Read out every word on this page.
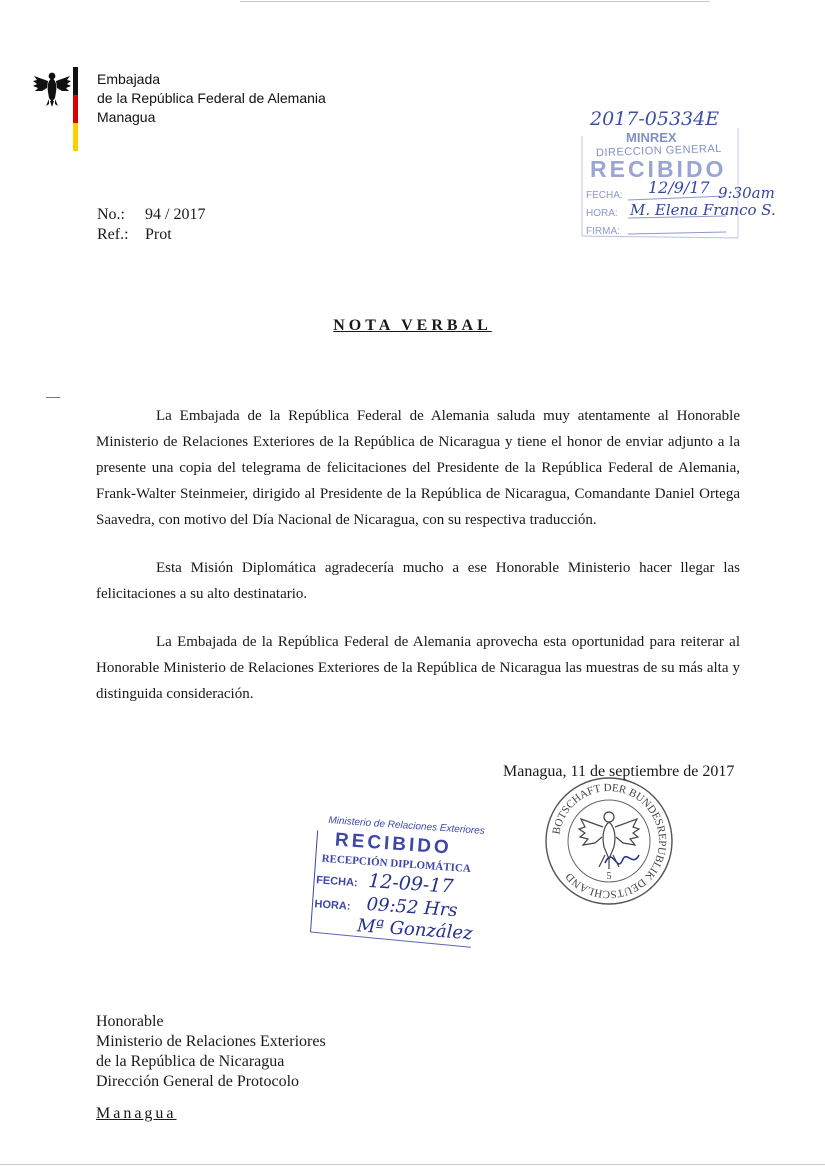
Embajada
de la República Federal de Alemania
Managua
No.:	94 / 2017
Ref.:	Prot
NOTA VERBAL

La Embajada de la República Federal de Alemania saluda muy atentamente al Honorable Ministerio de Relaciones Exteriores de la República de Nicaragua y tiene el honor de enviar adjunto a la presente una copia del telegrama de felicitaciones del Presidente de la República Federal de Alemania, Frank-Walter Steinmeier, dirigido al Presidente de la República de Nicaragua, Comandante Daniel Ortega Saavedra, con motivo del Día Nacional de Nicaragua, con su respectiva traducción.

Esta Misión Diplomática agradecería mucho a ese Honorable Ministerio hacer llegar las felicitaciones a su alto destinatario.

La Embajada de la República Federal de Alemania aprovecha esta oportunidad para reiterar al Honorable Ministerio de Relaciones Exteriores de la República de Nicaragua las muestras de su más alta y distinguida consideración.

2017-05334E
MINREX
DIRECCION GENERAL
RECIBIDO
FECHA: 12/9/17 9:30am
HORA: M. Elena Franco S.
FIRMA:
Managua, 11 de septiembre de 2017
BOTSCHAFT DER BUNDESREPUBLIK DEUTSCHLAND	5
Ministerio de Relaciones Exteriores
RECIBIDO
RECEPCIÓN DIPLOMÁTICA
FECHA: 12-09-17
HORA: 09:52 Hrs
Mª González
Honorable
Ministerio de Relaciones Exteriores
de la República de Nicaragua
Dirección General de Protocolo
Managua
